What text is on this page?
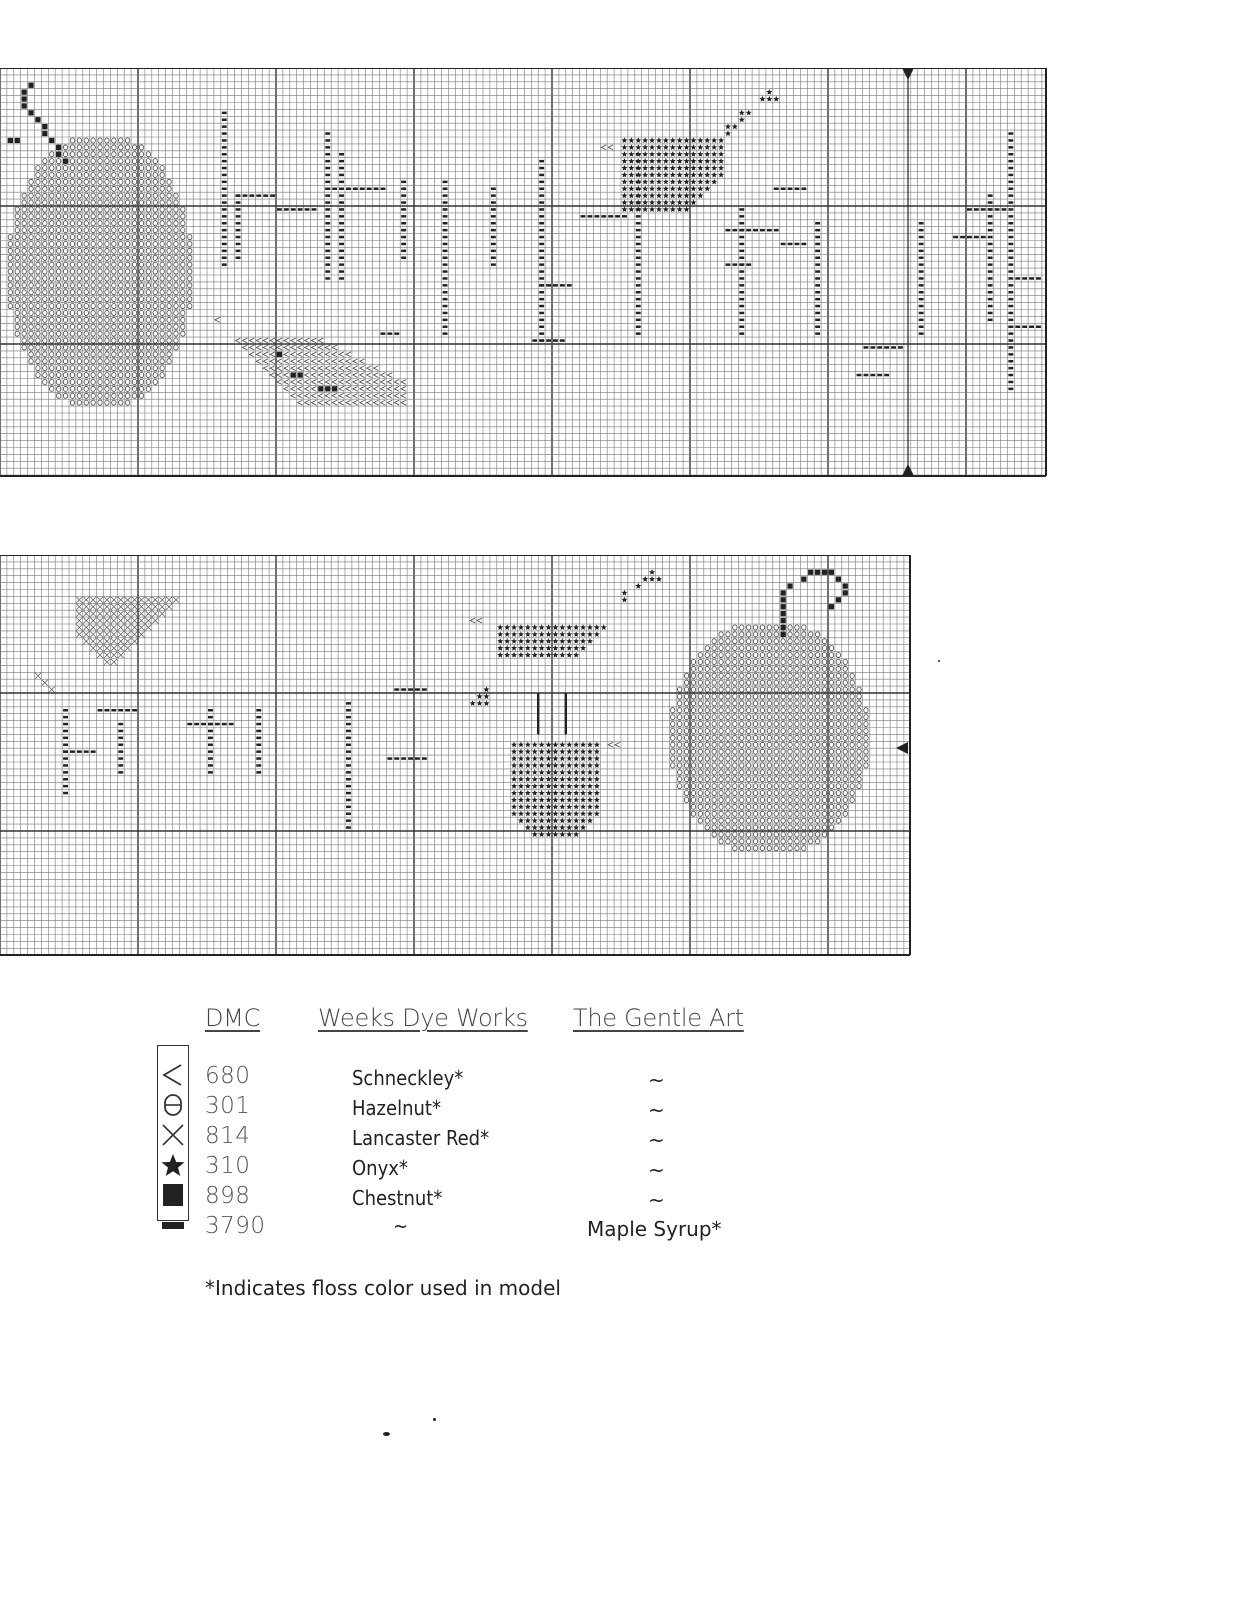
DMC Weeks Dye Works The Gentle Art
680
301
814
310
898
3790
Schneckley*
Hazelnut*
Lancaster Red*
Onyx*
Chestnut*
~
~
~
~
~
~
Maple Syrup*
*Indicates floss color used in model
